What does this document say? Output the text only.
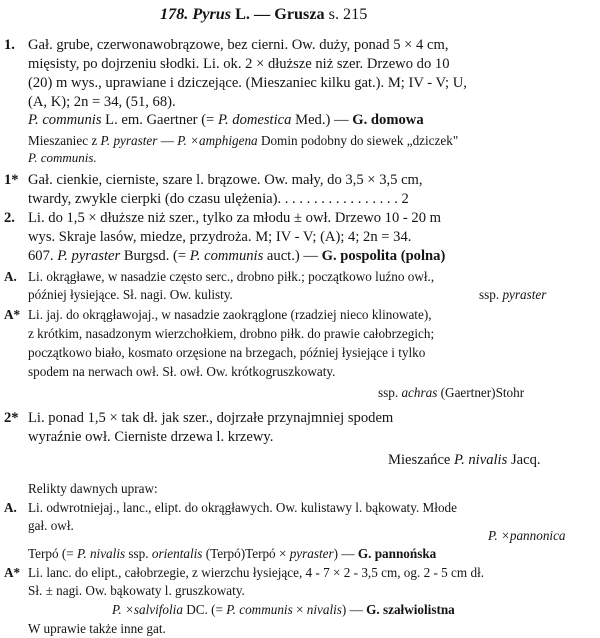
178. Pyrus L. — Grusza s. 215
1. Gał. grube, czerwonawobrązowe, bez cierni. Ow. duży, ponad 5 × 4 cm,
mięsisty, po dojrzeniu słodki. Li. ok. 2 × dłuższe niż szer. Drzewo do 10
(20) m wys., uprawiane i dziczejące. (Mieszaniec kilku gat.). M; IV - V; U,
(A, K); 2n = 34, (51, 68).
P. communis L. em. Gaertner (= P. domestica Med.) — G. domowa
Mieszaniec z P. pyraster — P. ×amphigena Domin podobny do siewek „dziczek"
P. communis.
1* Gał. cienkie, cierniste, szare l. brązowe. Ow. mały, do 3,5 × 3,5 cm,
twardy, zwykle cierpki (do czasu ulężenia). . . . . . . . . . . . . . . . . 2
2. Li. do 1,5 × dłuższe niż szer., tylko za młodu ± owł. Drzewo 10 - 20 m
wys. Skraje lasów, miedze, przydroża. M; IV - V; (A); 4; 2n = 34.
607. P. pyraster Burgsd. (= P. communis auct.) — G. pospolita (polna)
A. Li. okrągławe, w nasadzie często serc., drobno piłk.; początkowo luźno owł.,
później łysiejące. Sł. nagi. Ow. kulisty.	ssp. pyraster
A* Li. jaj. do okrągławojaj., w nasadzie zaokrąglone (rzadziej nieco klinowate),
z krótkim, nasadzonym wierzchołkiem, drobno piłk. do prawie całobrzegich;
początkowo biało, kosmato orzęsione na brzegach, później łysiejące i tylko
spodem na nerwach owł. Sł. owł. Ow. krótkogruszkowaty.
ssp. achras (Gaertner)Stohr
2* Li. ponad 1,5 × tak dł. jak szer., dojrzałe przynajmniej spodem
wyraźnie owł. Cierniste drzewa l. krzewy.
Mieszańce P. nivalis Jacq.
Relikty dawnych upraw:
A. Li. odwrotniejaj., lanc., elipt. do okrągławych. Ow. kulistawy l. bąkowaty. Młode
gał. owł.
P. ×pannonica
Terpó (= P. nivalis ssp. orientalis (Terpó)Terpó × pyraster) — G. pannońska
A* Li. lanc. do elipt., całobrzegie, z wierzchu łysiejące, 4 - 7 × 2 - 3,5 cm, og. 2 - 5 cm dł.
Sł. ± nagi. Ow. bąkowaty l. gruszkowaty.
P. ×salvifolia DC. (= P. communis × nivalis) — G. szałwiolistna
W uprawie także inne gat.
